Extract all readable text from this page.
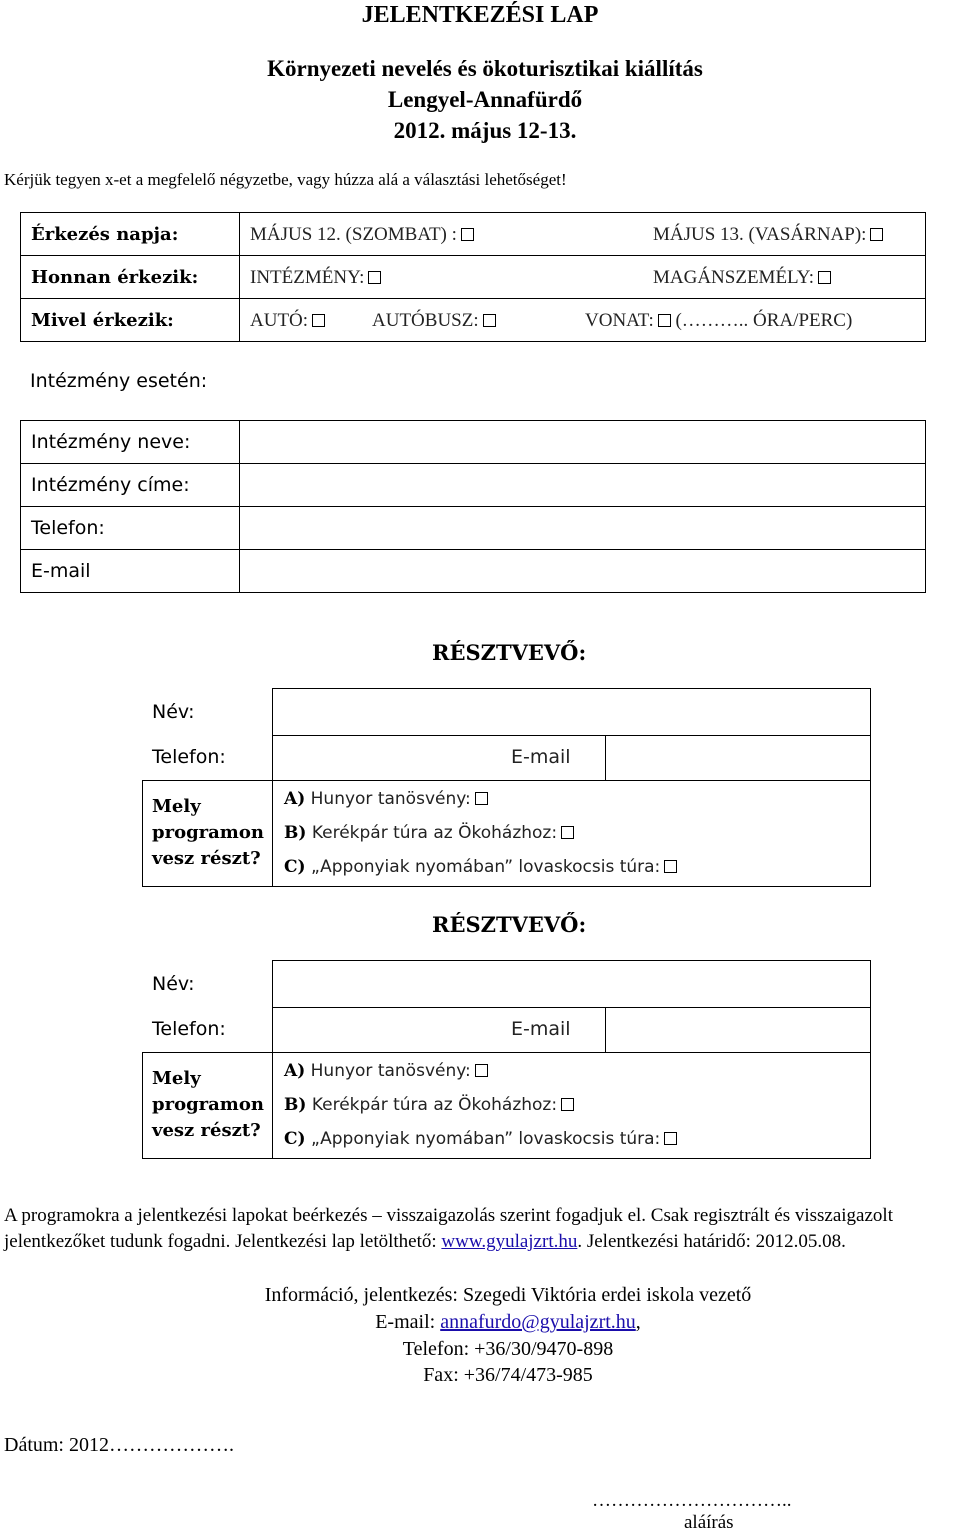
JELENTKEZÉSI LAP
Környezeti nevelés és ökoturisztikai kiállítás
Lengyel-Annafürdő
2012. május 12-13.
Kérjük tegyen x-et a megfelelő négyzetbe, vagy húzza alá a választási lehetőséget!
Érkezés napja:	MÁJUS 12. (SZOMBAT) : MÁJUS 13. (VASÁRNAP):

Honnan érkezik:	INTÉZMÉNY: MAGÁNSZEMÉLY:

Mivel érkezik:	AUTÓ: AUTÓBUSZ: VONAT: (……….. ÓRA/PERC)
Intézmény esetén:
Intézmény neve:	
Intézmény címe:	
Telefon:	
E-mail	
RÉSZTVEVŐ:
Név:
Telefon:	E-mail
Mely
programon
vesz részt?
A) Hunyor tanösvény:
B) Kerékpár túra az Ökoházhoz:
C) „Apponyiak nyomában” lovaskocsis túra:
RÉSZTVEVŐ:
Név:
Telefon:	E-mail
Mely
programon
vesz részt?
A) Hunyor tanösvény:
B) Kerékpár túra az Ökoházhoz:
C) „Apponyiak nyomában” lovaskocsis túra:
A programokra a jelentkezési lapokat beérkezés – visszaigazolás szerint fogadjuk el. Csak regisztrált és visszaigazolt jelentkezőket tudunk fogadni. Jelentkezési lap letölthető: www.gyulajzrt.hu. Jelentkezési határidő: 2012.05.08.
Információ, jelentkezés: Szegedi Viktória erdei iskola vezető
E-mail: annafurdo@gyulajzrt.hu,
Telefon: +36/30/9470-898
Fax: +36/74/473-985
Dátum: 2012……………….
…………………………..
aláírás
